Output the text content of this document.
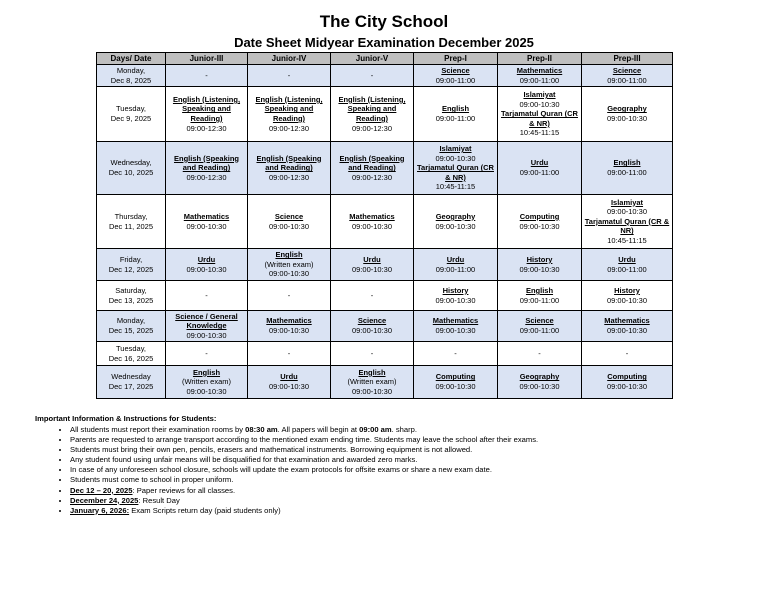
The City School
Date Sheet Midyear Examination December 2025
Days/ Date	Junior-III	Junior-IV	Junior-V	Prep-I	Prep-II	Prep-III

Monday,
Dec 8, 2025	-	-	-	Science
09:00-11:00	Mathematics
09:00-11:00	Science
09:00-11:00

Tuesday,
Dec 9, 2025	English (Listening, Speaking and Reading)
09:00-12:30	English (Listening, Speaking and Reading)
09:00-12:30	English (Listening, Speaking and Reading)
09:00-12:30	English
09:00-11:00	Islamiyat
09:00-10:30
Tarjamatul Quran (CR & NR)
10:45-11:15	Geography
09:00-10:30

Wednesday,
Dec 10, 2025	English (Speaking and Reading)
09:00-12:30	English (Speaking and Reading)
09:00-12:30	English (Speaking and Reading)
09:00-12:30	Islamiyat
09:00-10:30
Tarjamatul Quran (CR & NR)
10:45-11:15	Urdu
09:00-11:00	English
09:00-11:00

Thursday,
Dec 11, 2025	Mathematics
09:00-10:30	Science
09:00-10:30	Mathematics
09:00-10:30	Geography
09:00-10:30	Computing
09:00-10:30	Islamiyat
09:00-10:30
Tarjamatul Quran (CR & NR)
10:45-11:15

Friday,
Dec 12, 2025	Urdu
09:00-10:30	English
(Written exam)
09:00-10:30	Urdu
09:00-10:30	Urdu
09:00-11:00	History
09:00-10:30	Urdu
09:00-11:00

Saturday,
Dec 13, 2025	-	-	-	History
09:00-10:30	English
09:00-11:00	History
09:00-10:30

Monday,
Dec 15, 2025	Science / General Knowledge
09:00-10:30	Mathematics
09:00-10:30	Science
09:00-10:30	Mathematics
09:00-10:30	Science
09:00-11:00	Mathematics
09:00-10:30

Tuesday,
Dec 16, 2025	-	-	-	-	-	-

Wednesday
Dec 17, 2025	English
(Written exam)
09:00-10:30	Urdu
09:00-10:30	English
(Written exam)
09:00-10:30	Computing
09:00-10:30	Geography
09:00-10:30	Computing
09:00-10:30
Important Information & Instructions for Students:
• All students must report their examination rooms by 08:30 am. All papers will begin at 09:00 am. sharp.
• Parents are requested to arrange transport according to the mentioned exam ending time. Students may leave the school after their exams.
• Students must bring their own pen, pencils, erasers and mathematical instruments. Borrowing equipment is not allowed.
• Any student found using unfair means will be disqualified for that examination and awarded zero marks.
• In case of any unforeseen school closure, schools will update the exam protocols for offsite exams or share a new exam date.
• Students must come to school in proper uniform.
• Dec 12 – 20, 2025: Paper reviews for all classes.
• December 24, 2025: Result Day
• January 6, 2026: Exam Scripts return day (paid students only)
